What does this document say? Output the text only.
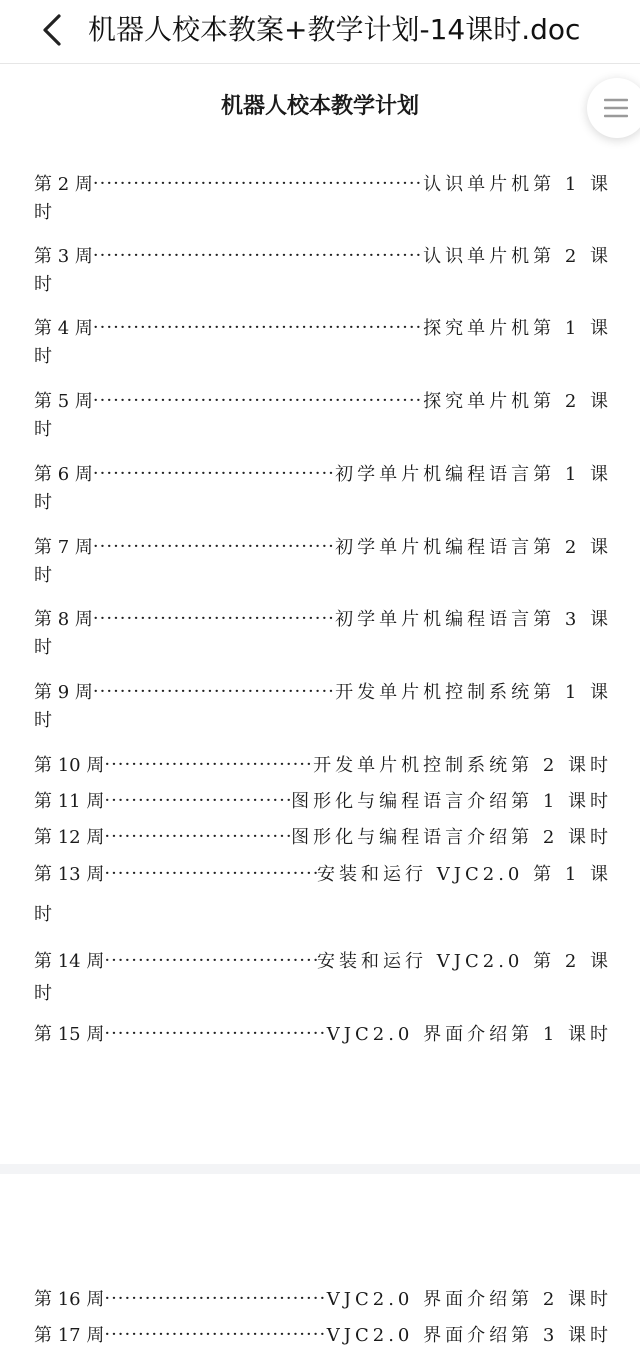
机器人校本教案+教学计划-14课时.doc
机器人校本教学计划
第 2 周 ·····	认识单片机第 1 课
时
第 3 周 ·····	认识单片机第 2 课
时
第 4 周 ·····	探究单片机第 1 课
时
第 5 周 ·····	探究单片机第 2 课
时
第 6 周 ·····	初学单片机编程语言第 1 课
时
第 7 周 ·····	初学单片机编程语言第 2 课
时
第 8 周 ·····	初学单片机编程语言第 3 课
时
第 9 周 ·····	开发单片机控制系统第 1 课
时
第 10 周 ·····	开发单片机控制系统第 2 课时
第 11 周 ·····	图形化与编程语言介绍第 1 课时
第 12 周 ·····	图形化与编程语言介绍第 2 课时
第 13 周 ·····	安装和运行 VJC2.0 第 1 课
时
第 14 周 ·····	安装和运行 VJC2.0 第 2 课
时
第 15 周 ·····	VJC2.0 界面介绍第 1 课时
第 16 周 ·····	VJC2.0 界面介绍第 2 课时
第 17 周 ·····	VJC2.0 界面介绍第 3 课时
